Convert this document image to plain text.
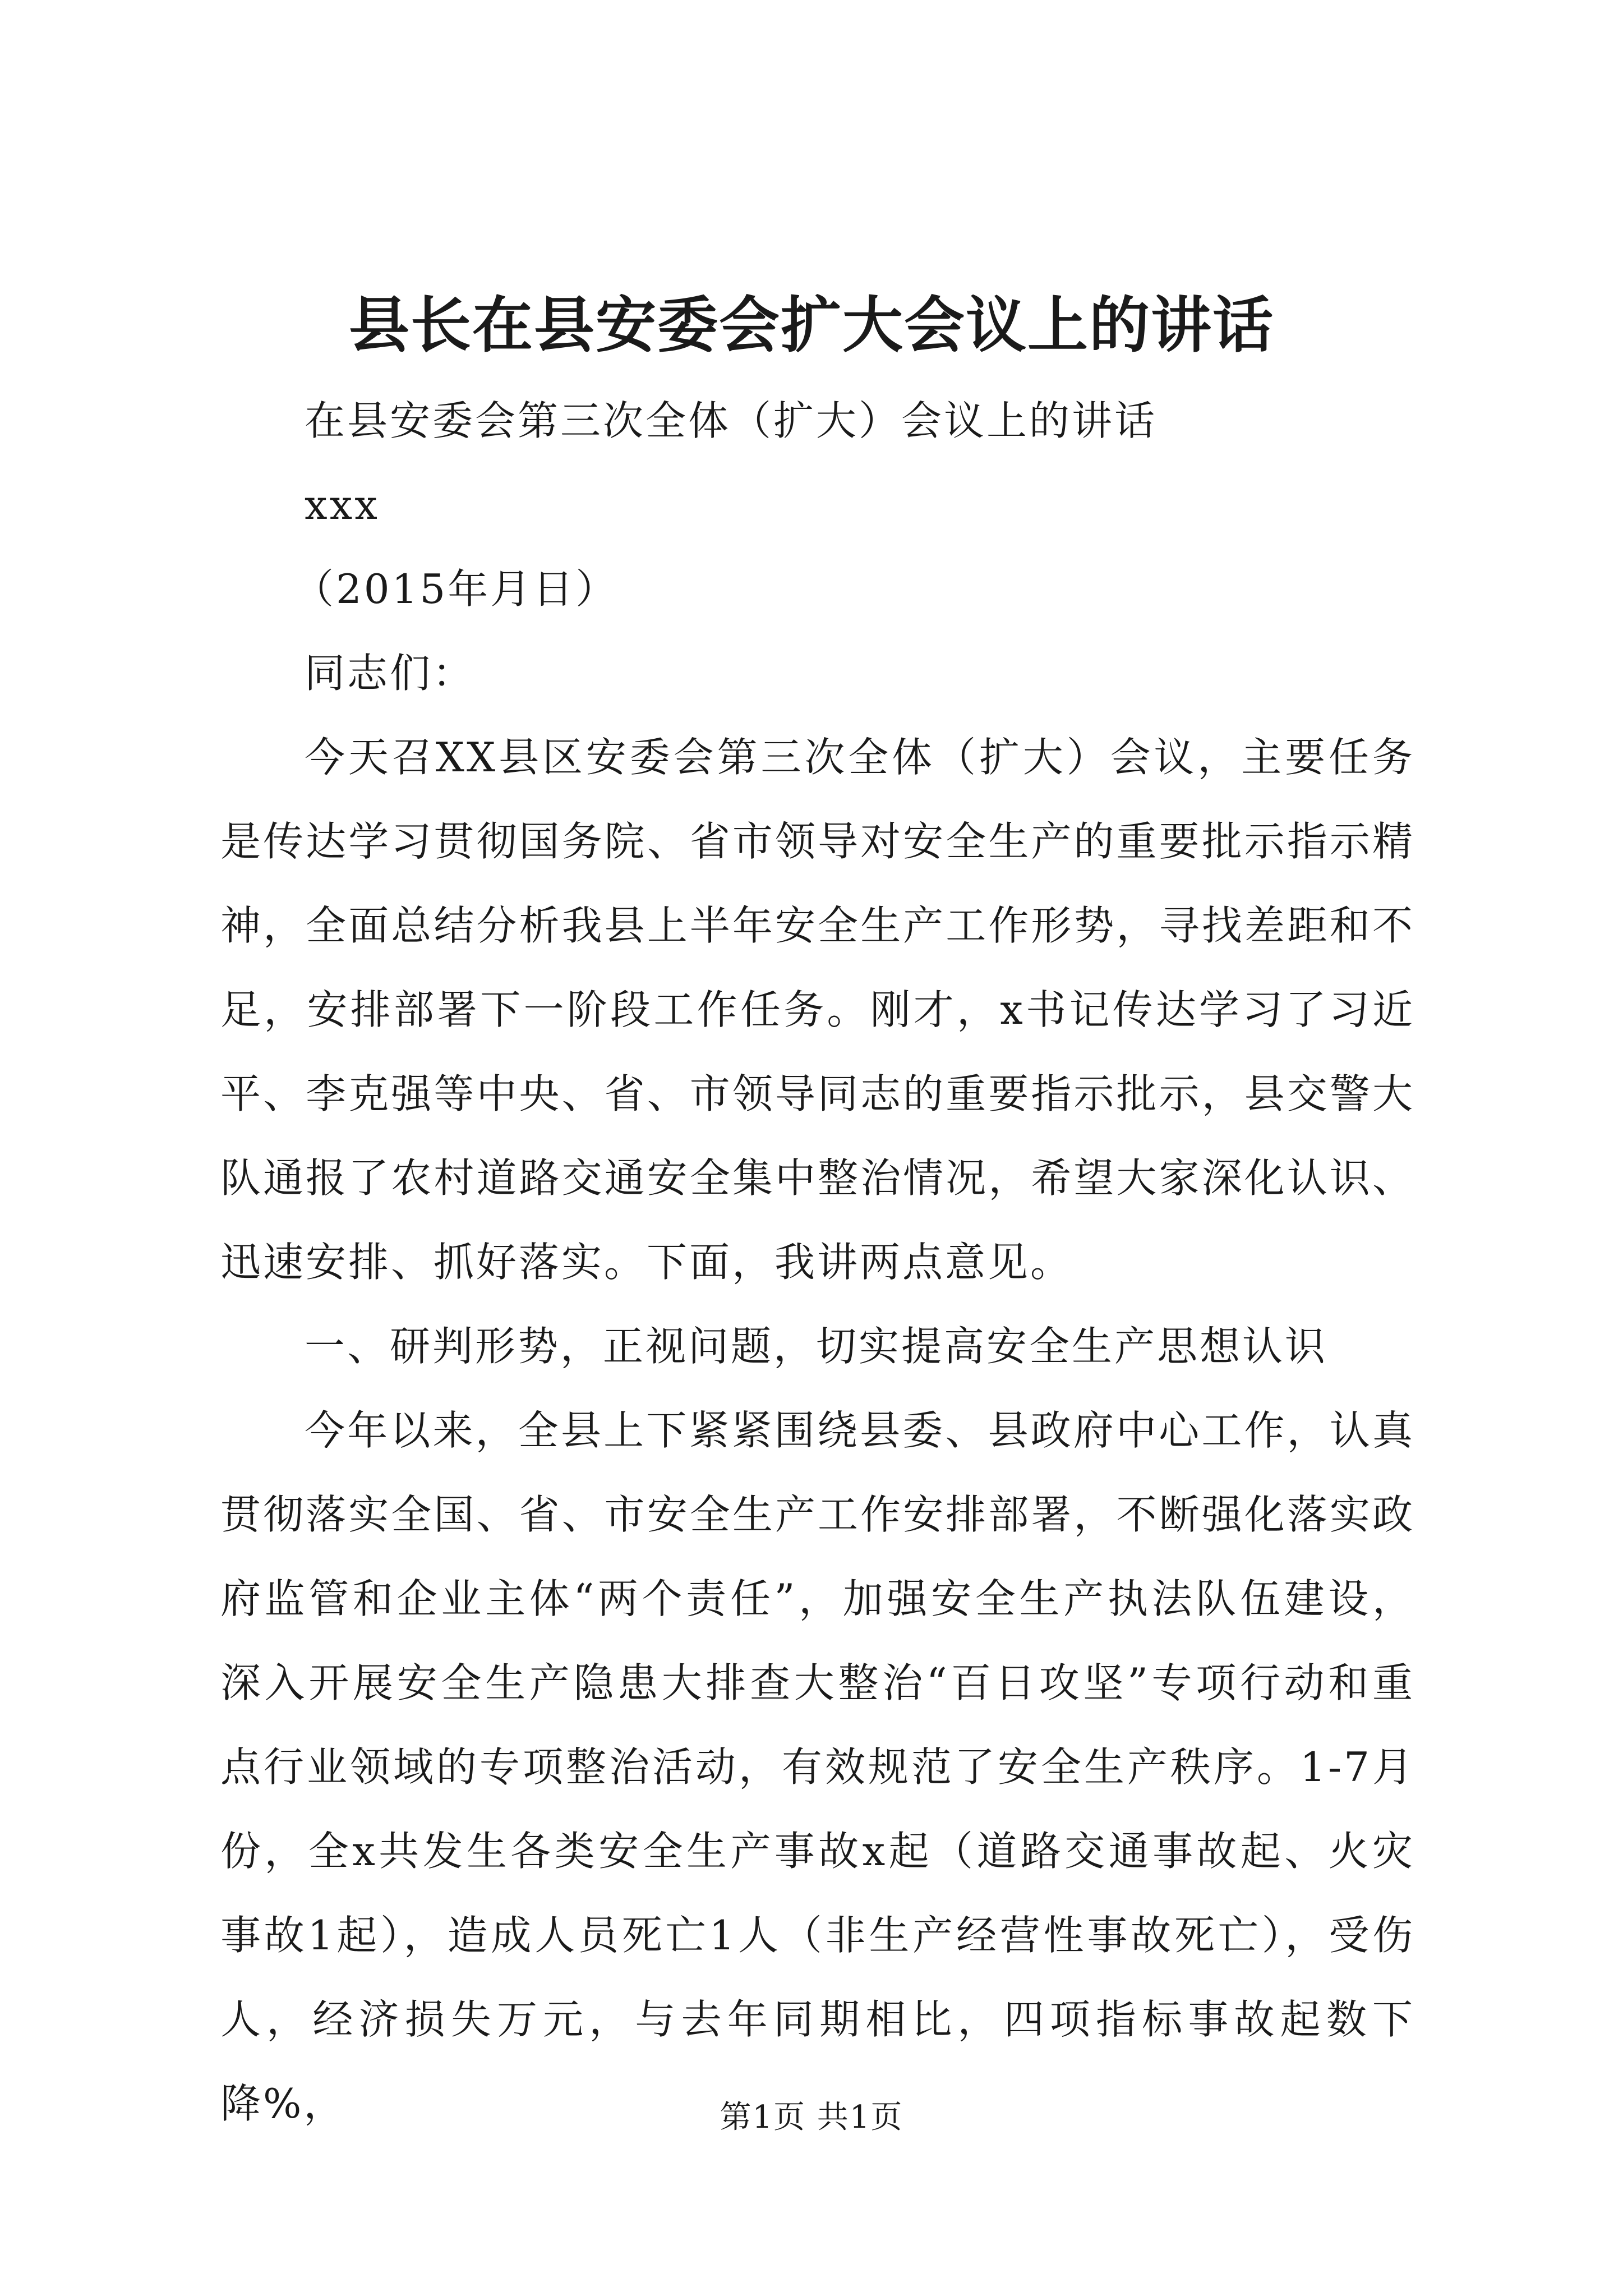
县长在县安委会扩大会议上的讲话

在县安委会第三次全体（扩大）会议上的讲话

xxx

（2015年月日）

同志们：

今天召XX县区安委会第三次全体（扩大）会议，主要任务是传达学习贯彻国务院、省市领导对安全生产的重要批示指示精神，全面总结分析我县上半年安全生产工作形势，寻找差距和不足，安排部署下一阶段工作任务。刚才，x书记传达学习了习近平、李克强等中央、省、市领导同志的重要指示批示，县交警大队通报了农村道路交通安全集中整治情况，希望大家深化认识、迅速安排、抓好落实。下面，我讲两点意见。

一、研判形势，正视问题，切实提高安全生产思想认识

今年以来，全县上下紧紧围绕县委、县政府中心工作，认真贯彻落实全国、省、市安全生产工作安排部署，不断强化落实政府监管和企业主体“两个责任”，加强安全生产执法队伍建设，深入开展安全生产隐患大排查大整治“百日攻坚”专项行动和重点行业领域的专项整治活动，有效规范了安全生产秩序。1-7月份，全x共发生各类安全生产事故x起（道路交通事故起、火灾事故1起），造成人员死亡1人（非生产经营性事故死亡），受伤人，经济损失万元，与去年同期相比，四项指标事故起数下降%，	第1页 共1页
